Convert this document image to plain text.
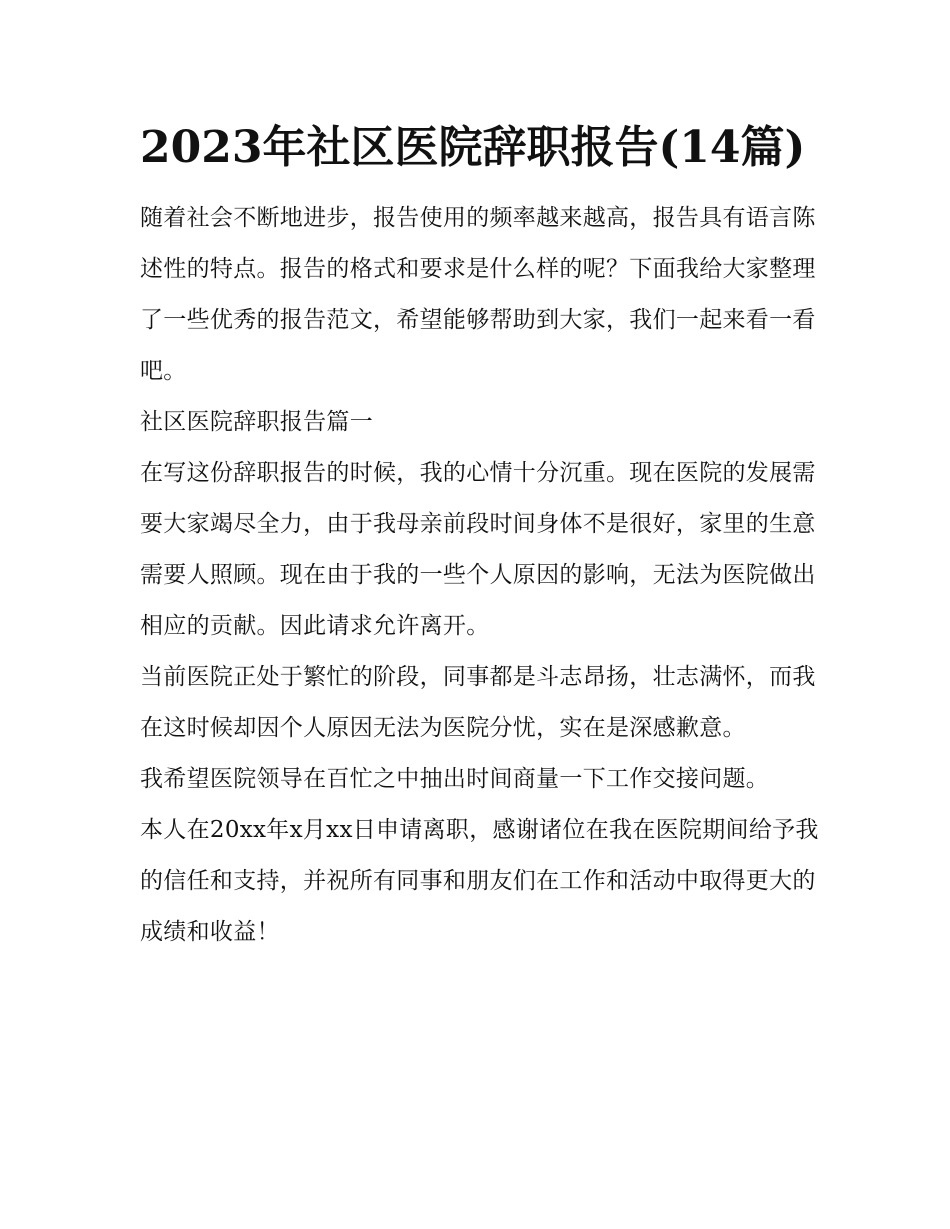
2023年社区医院辞职报告(14篇)

随着社会不断地进步，报告使用的频率越来越高，报告具有语言陈述性的特点。报告的格式和要求是什么样的呢？下面我给大家整理了一些优秀的报告范文，希望能够帮助到大家，我们一起来看一看吧。

社区医院辞职报告篇一

在写这份辞职报告的时候，我的心情十分沉重。现在医院的发展需要大家竭尽全力，由于我母亲前段时间身体不是很好，家里的生意需要人照顾。现在由于我的一些个人原因的影响，无法为医院做出相应的贡献。因此请求允许离开。

当前医院正处于繁忙的阶段，同事都是斗志昂扬，壮志满怀，而我在这时候却因个人原因无法为医院分忧，实在是深感歉意。

我希望医院领导在百忙之中抽出时间商量一下工作交接问题。

本人在20xx年x月xx日申请离职，感谢诸位在我在医院期间给予我的信任和支持，并祝所有同事和朋友们在工作和活动中取得更大的成绩和收益！
